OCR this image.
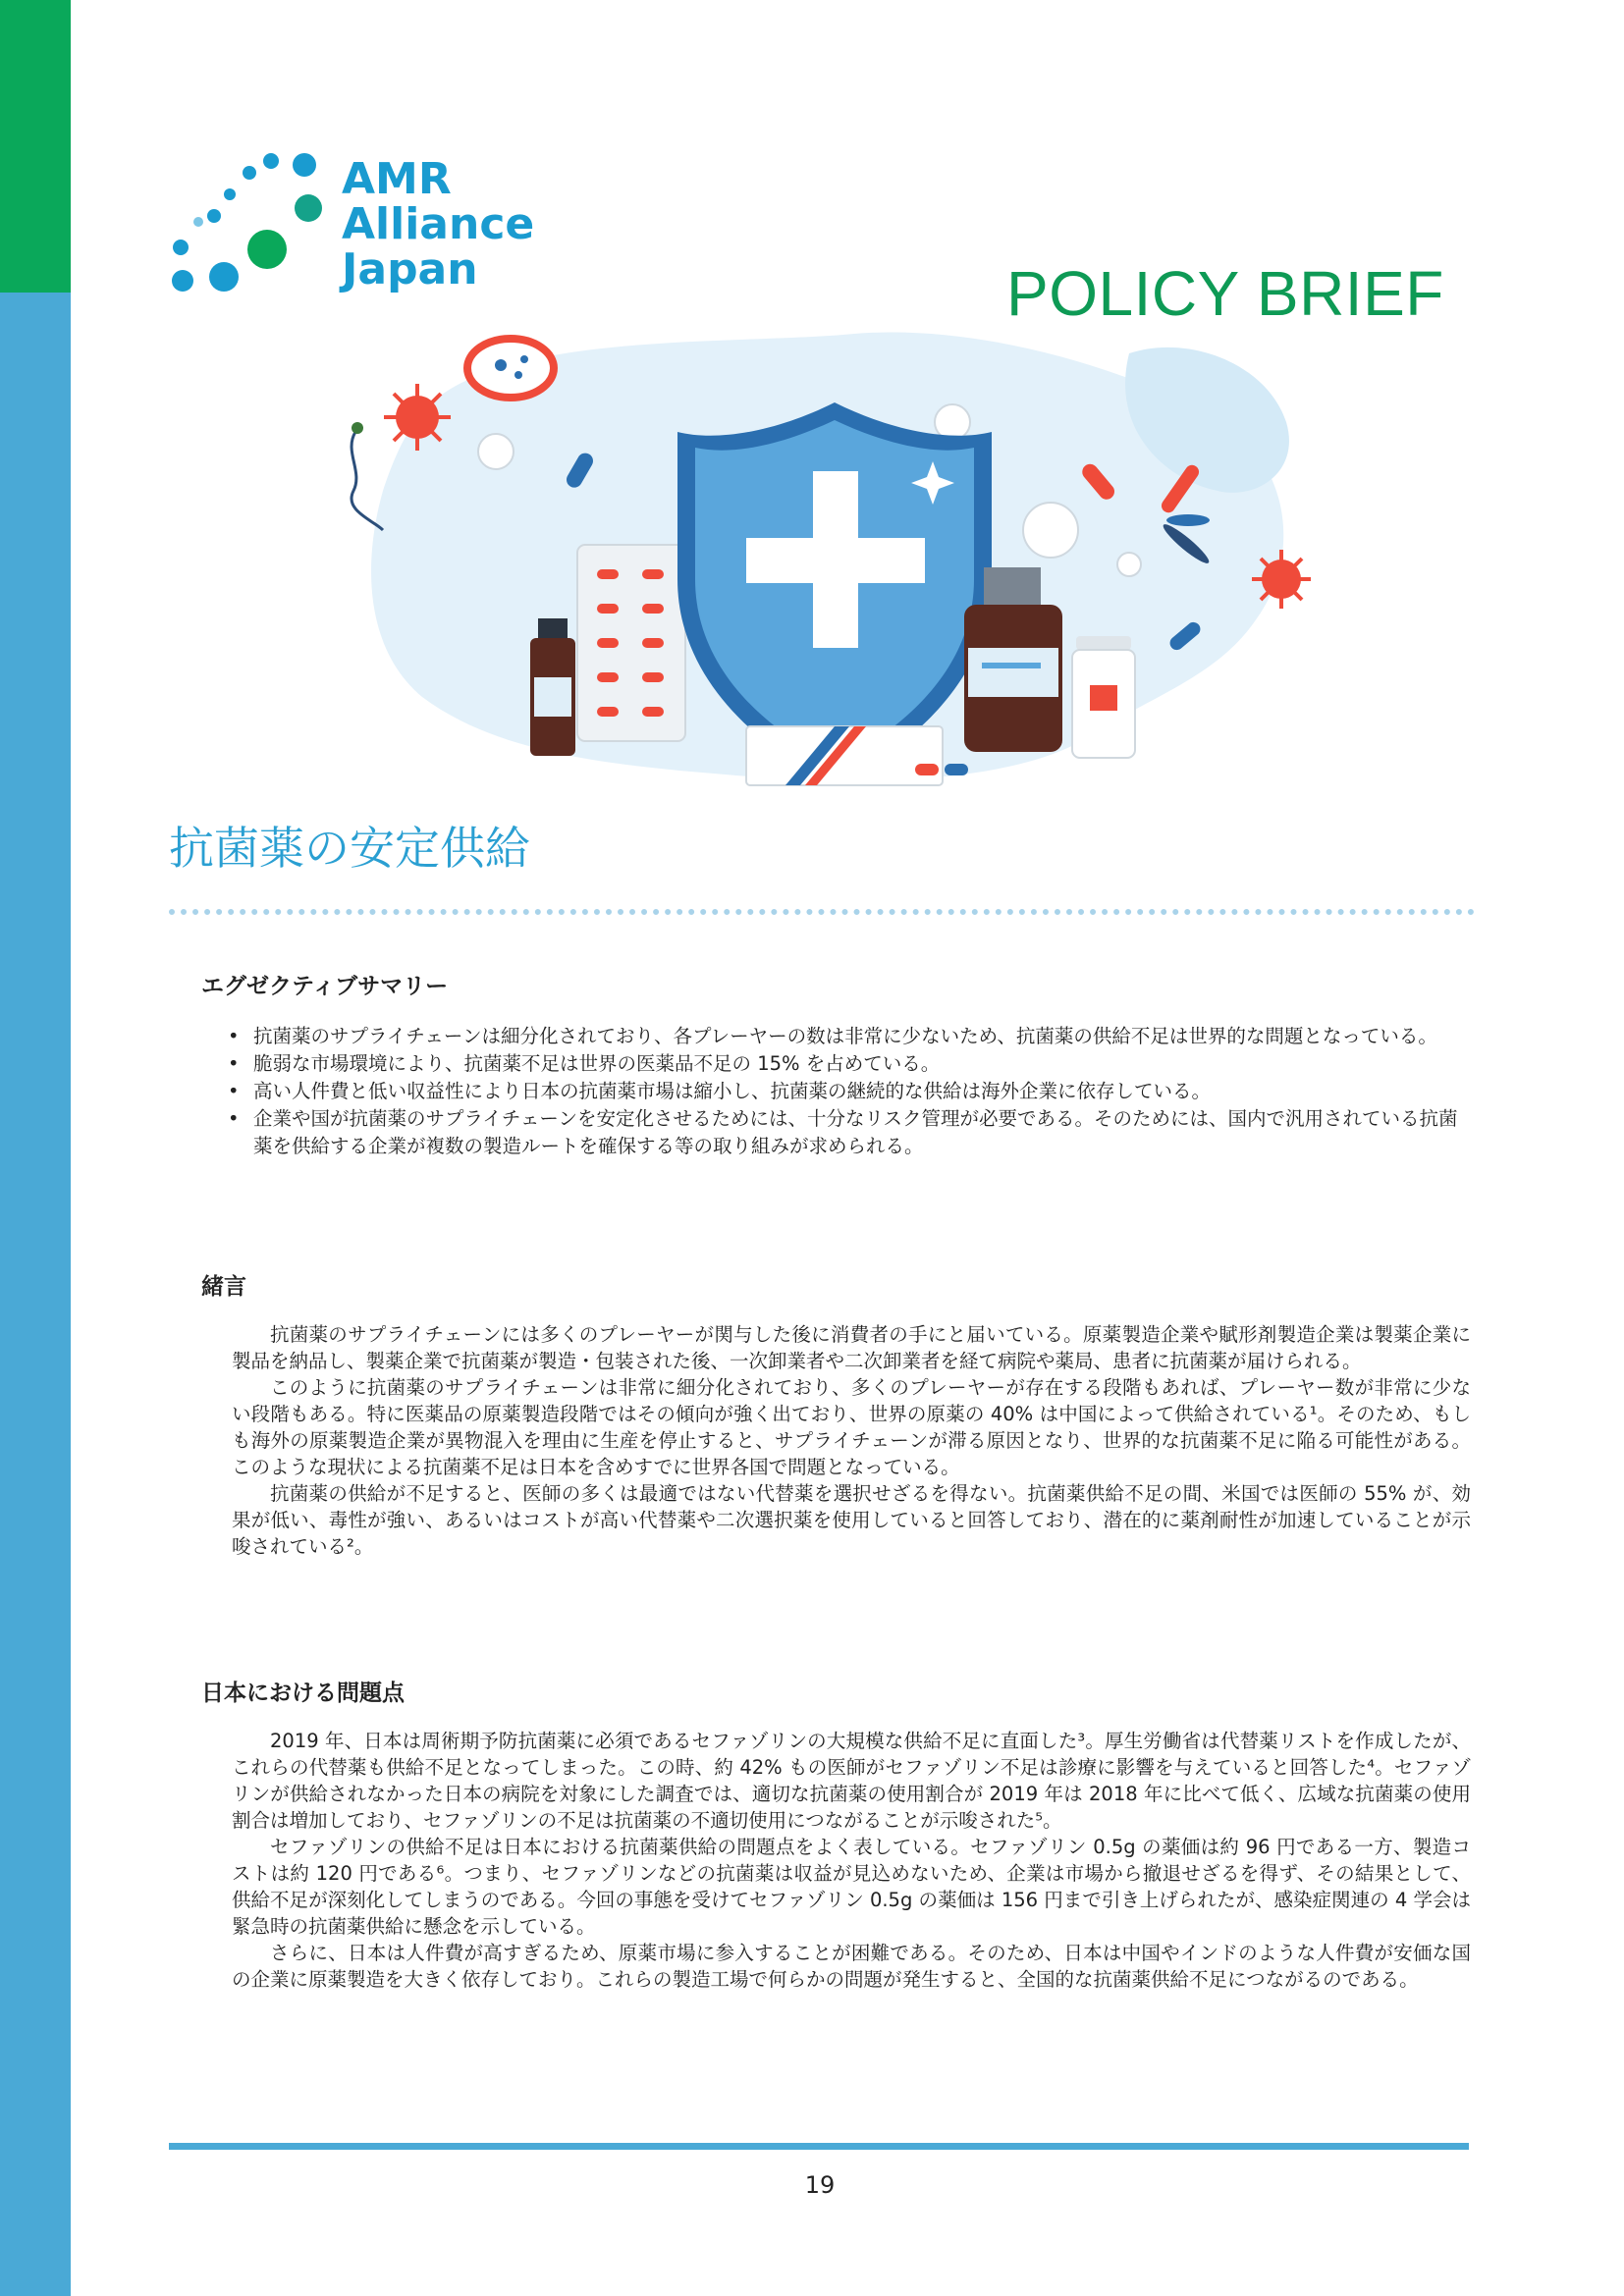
AMR
Alliance
Japan	POLICY BRIEF
抗菌薬の安定供給
エグゼクティブサマリー
• 抗菌薬のサプライチェーンは細分化されており、各プレーヤーの数は非常に少ないため、抗菌薬の供給不足は世界的な問題となっている。
• 脆弱な市場環境により、抗菌薬不足は世界の医薬品不足の 15% を占めている。
• 高い人件費と低い収益性により日本の抗菌薬市場は縮小し、抗菌薬の継続的な供給は海外企業に依存している。
• 企業や国が抗菌薬のサプライチェーンを安定化させるためには、十分なリスク管理が必要である。そのためには、国内で汎用されている抗菌薬を供給する企業が複数の製造ルートを確保する等の取り組みが求められる。
緒言

抗菌薬のサプライチェーンには多くのプレーヤーが関与した後に消費者の手にと届いている。原薬製造企業や賦形剤製造企業は製薬企業に製品を納品し、製薬企業で抗菌薬が製造・包装された後、一次卸業者や二次卸業者を経て病院や薬局、患者に抗菌薬が届けられる。

このように抗菌薬のサプライチェーンは非常に細分化されており、多くのプレーヤーが存在する段階もあれば、プレーヤー数が非常に少ない段階もある。特に医薬品の原薬製造段階ではその傾向が強く出ており、世界の原薬の 40% は中国によって供給されている¹。そのため、もしも海外の原薬製造企業が異物混入を理由に生産を停止すると、サプライチェーンが滞る原因となり、世界的な抗菌薬不足に陥る可能性がある。このような現状による抗菌薬不足は日本を含めすでに世界各国で問題となっている。

抗菌薬の供給が不足すると、医師の多くは最適ではない代替薬を選択せざるを得ない。抗菌薬供給不足の間、米国では医師の 55% が、効果が低い、毒性が強い、あるいはコストが高い代替薬や二次選択薬を使用していると回答しており、潜在的に薬剤耐性が加速していることが示唆されている²。

日本における問題点

2019 年、日本は周術期予防抗菌薬に必須であるセファゾリンの大規模な供給不足に直面した³。厚生労働省は代替薬リストを作成したが、これらの代替薬も供給不足となってしまった。この時、約 42% もの医師がセファゾリン不足は診療に影響を与えていると回答した⁴。セファゾリンが供給されなかった日本の病院を対象にした調査では、適切な抗菌薬の使用割合が 2019 年は 2018 年に比べて低く、広域な抗菌薬の使用割合は増加しており、セファゾリンの不足は抗菌薬の不適切使用につながることが示唆された⁵。

セファゾリンの供給不足は日本における抗菌薬供給の問題点をよく表している。セファゾリン 0.5g の薬価は約 96 円である一方、製造コストは約 120 円である⁶。つまり、セファゾリンなどの抗菌薬は収益が見込めないため、企業は市場から撤退せざるを得ず、その結果として、供給不足が深刻化してしまうのである。今回の事態を受けてセファゾリン 0.5g の薬価は 156 円まで引き上げられたが、感染症関連の 4 学会は緊急時の抗菌薬供給に懸念を示している。

さらに、日本は人件費が高すぎるため、原薬市場に参入することが困難である。そのため、日本は中国やインドのような人件費が安価な国の企業に原薬製造を大きく依存しており。これらの製造工場で何らかの問題が発生すると、全国的な抗菌薬供給不足につながるのである。

19
